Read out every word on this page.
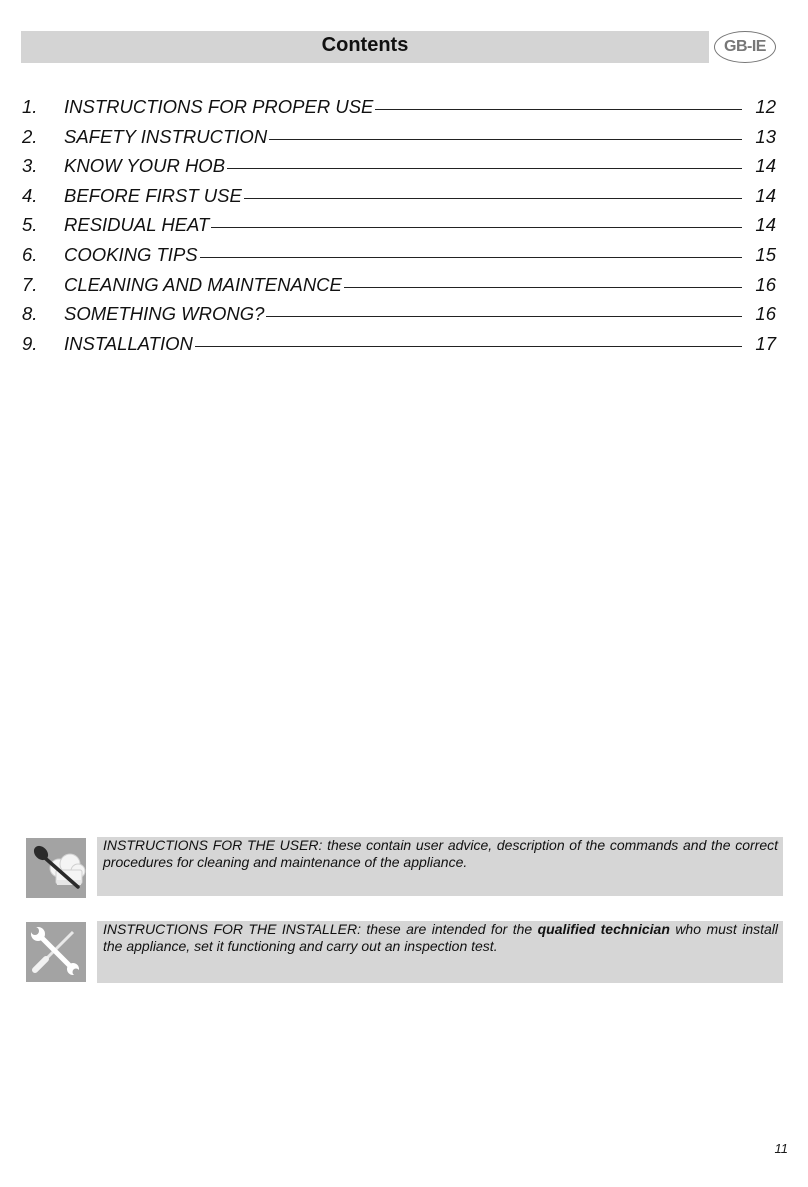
Contents	GB-IE
1.	INSTRUCTIONS FOR PROPER USE	12
2.	SAFETY INSTRUCTION	13
3.	KNOW YOUR HOB	14
4.	BEFORE FIRST USE	14
5.	RESIDUAL HEAT	14
6.	COOKING TIPS	15
7.	CLEANING AND MAINTENANCE	16
8.	SOMETHING WRONG?	16
9.	INSTALLATION	17

INSTRUCTIONS FOR THE USER: these contain user advice, description of the commands and the correct procedures for cleaning and maintenance of the appliance.

INSTRUCTIONS FOR THE INSTALLER: these are intended for the qualified technician who must install the appliance, set it functioning and carry out an inspection test.

11
